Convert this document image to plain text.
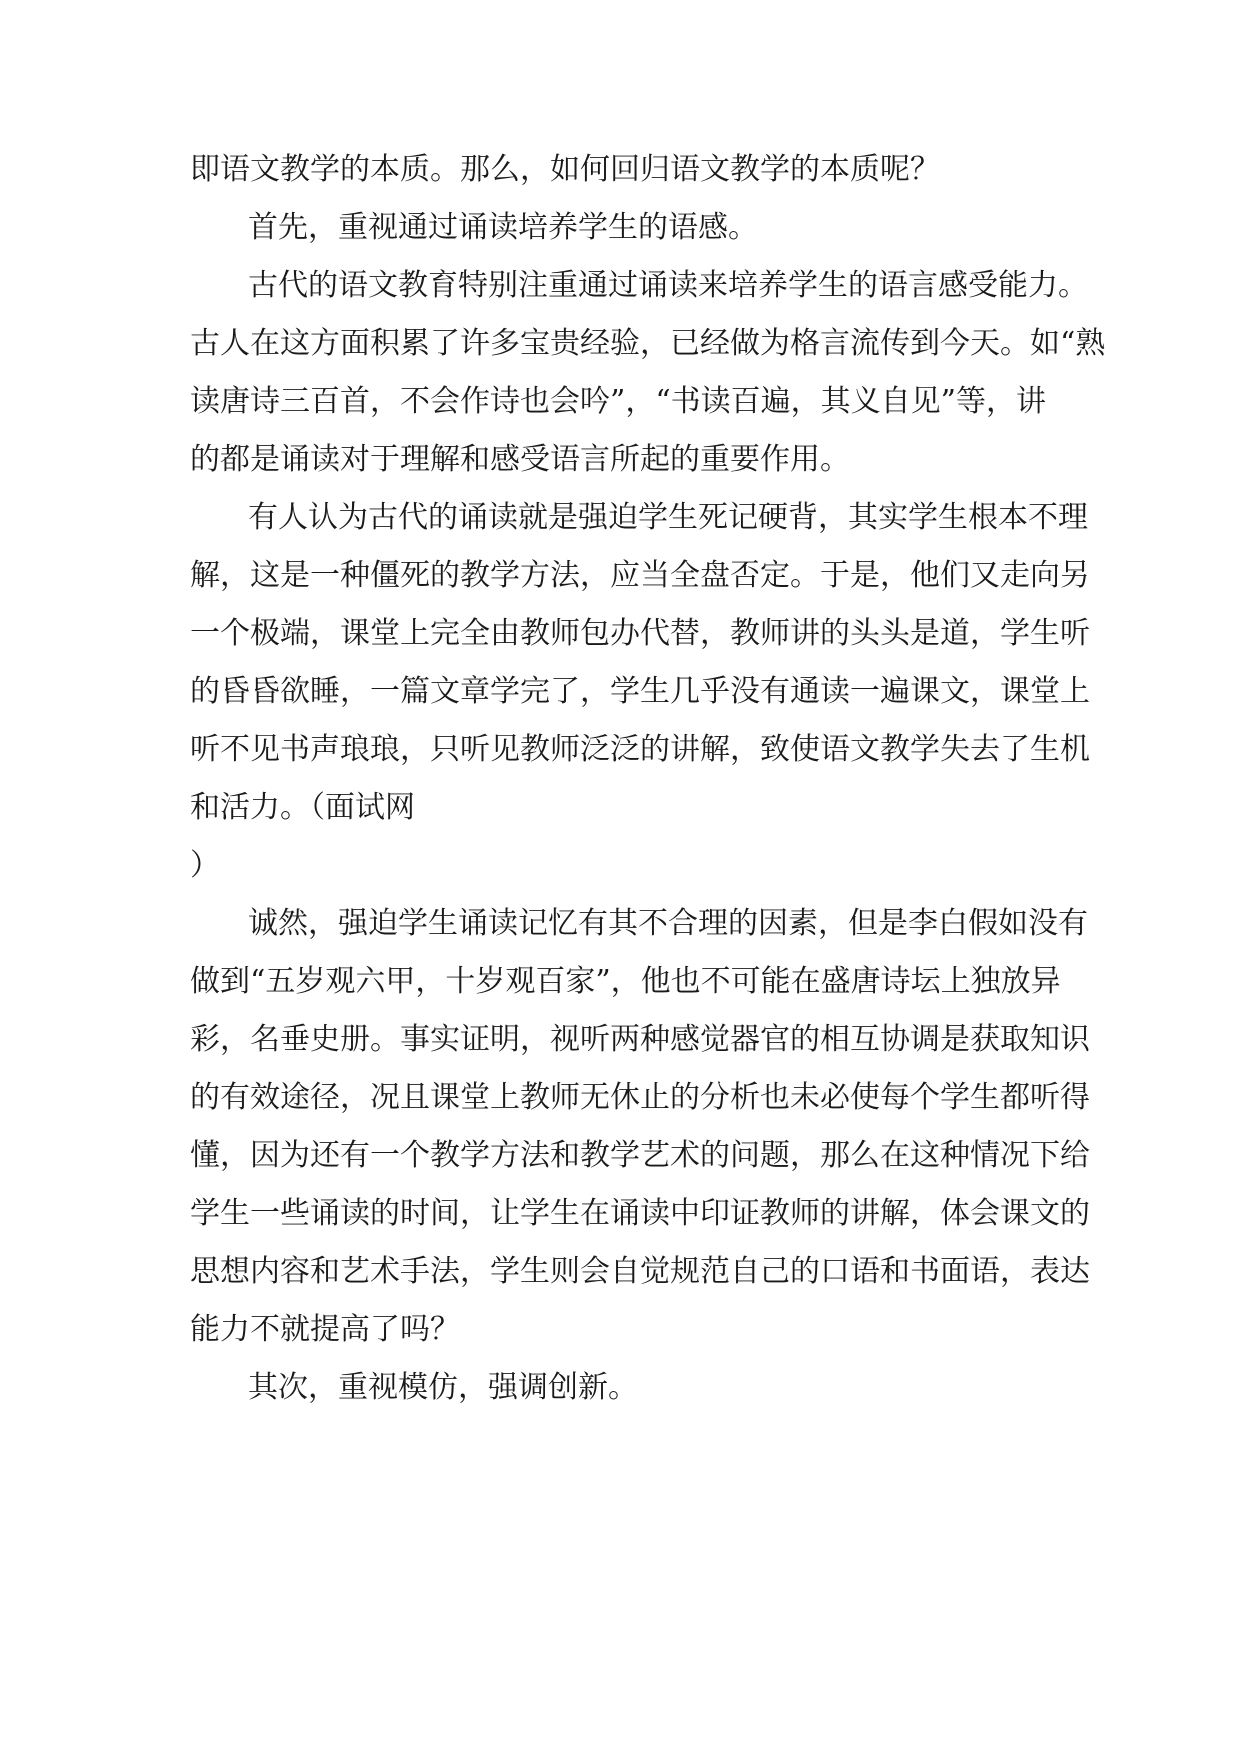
即语文教学的本质。那么，如何回归语文教学的本质呢？
首先，重视通过诵读培养学生的语感。
古代的语文教育特别注重通过诵读来培养学生的语言感受能力。
古人在这方面积累了许多宝贵经验，已经做为格言流传到今天。如“熟
读唐诗三百首，不会作诗也会吟”，“书读百遍，其义自见”等，讲
的都是诵读对于理解和感受语言所起的重要作用。
有人认为古代的诵读就是强迫学生死记硬背，其实学生根本不理
解，这是一种僵死的教学方法，应当全盘否定。于是，他们又走向另
一个极端，课堂上完全由教师包办代替，教师讲的头头是道，学生听
的昏昏欲睡，一篇文章学完了，学生几乎没有通读一遍课文，课堂上
听不见书声琅琅，只听见教师泛泛的讲解，致使语文教学失去了生机
和活力。（面试网
）
诚然，强迫学生诵读记忆有其不合理的因素，但是李白假如没有
做到“五岁观六甲，十岁观百家”，他也不可能在盛唐诗坛上独放异
彩，名垂史册。事实证明，视听两种感觉器官的相互协调是获取知识
的有效途径，况且课堂上教师无休止的分析也未必使每个学生都听得
懂，因为还有一个教学方法和教学艺术的问题，那么在这种情况下给
学生一些诵读的时间，让学生在诵读中印证教师的讲解，体会课文的
思想内容和艺术手法，学生则会自觉规范自己的口语和书面语，表达
能力不就提高了吗？
其次，重视模仿，强调创新。
